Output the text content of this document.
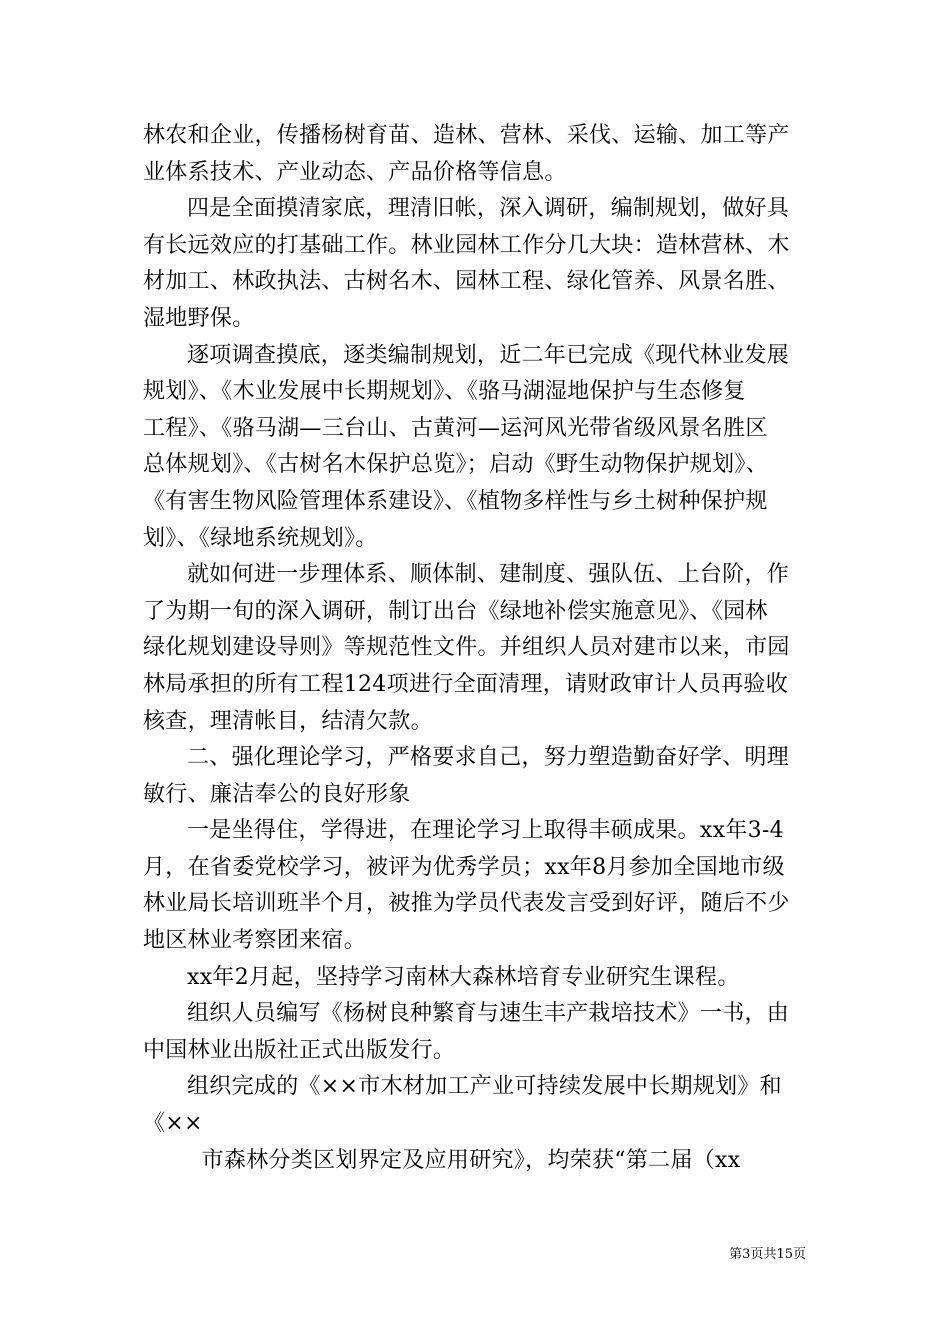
林农和企业，传播杨树育苗、造林、营林、采伐、运输、加工等产

业体系技术、产业动态、产品价格等信息。

四是全面摸清家底，理清旧帐，深入调研，编制规划，做好具

有长远效应的打基础工作。林业园林工作分几大块：造林营林、木

材加工、林政执法、古树名木、园林工程、绿化管养、风景名胜、

湿地野保。

逐项调查摸底，逐类编制规划，近二年已完成《现代林业发展

规划》、《木业发展中长期规划》、《骆马湖湿地保护与生态修复

工程》、《骆马湖—三台山、古黄河—运河风光带省级风景名胜区

总体规划》、《古树名木保护总览》；启动《野生动物保护规划》、

《有害生物风险管理体系建设》、《植物多样性与乡土树种保护规

划》、《绿地系统规划》。

就如何进一步理体系、顺体制、建制度、强队伍、上台阶，作

了为期一旬的深入调研，制订出台《绿地补偿实施意见》、《园林

绿化规划建设导则》等规范性文件。并组织人员对建市以来，市园

林局承担的所有工程124项进行全面清理，请财政审计人员再验收

核查，理清帐目，结清欠款。

二、强化理论学习，严格要求自己，努力塑造勤奋好学、明理

敏行、廉洁奉公的良好形象

一是坐得住，学得进，在理论学习上取得丰硕成果。xx年3-4

月，在省委党校学习，被评为优秀学员；xx年8月参加全国地市级

林业局长培训班半个月，被推为学员代表发言受到好评，随后不少

地区林业考察团来宿。

xx年2月起，坚持学习南林大森林培育专业研究生课程。

组织人员编写《杨树良种繁育与速生丰产栽培技术》一书，由

中国林业出版社正式出版发行。

组织完成的《××市木材加工产业可持续发展中长期规划》和

《××

市森林分类区划界定及应用研究》，均荣获“第二届（xx

第3页共15页
